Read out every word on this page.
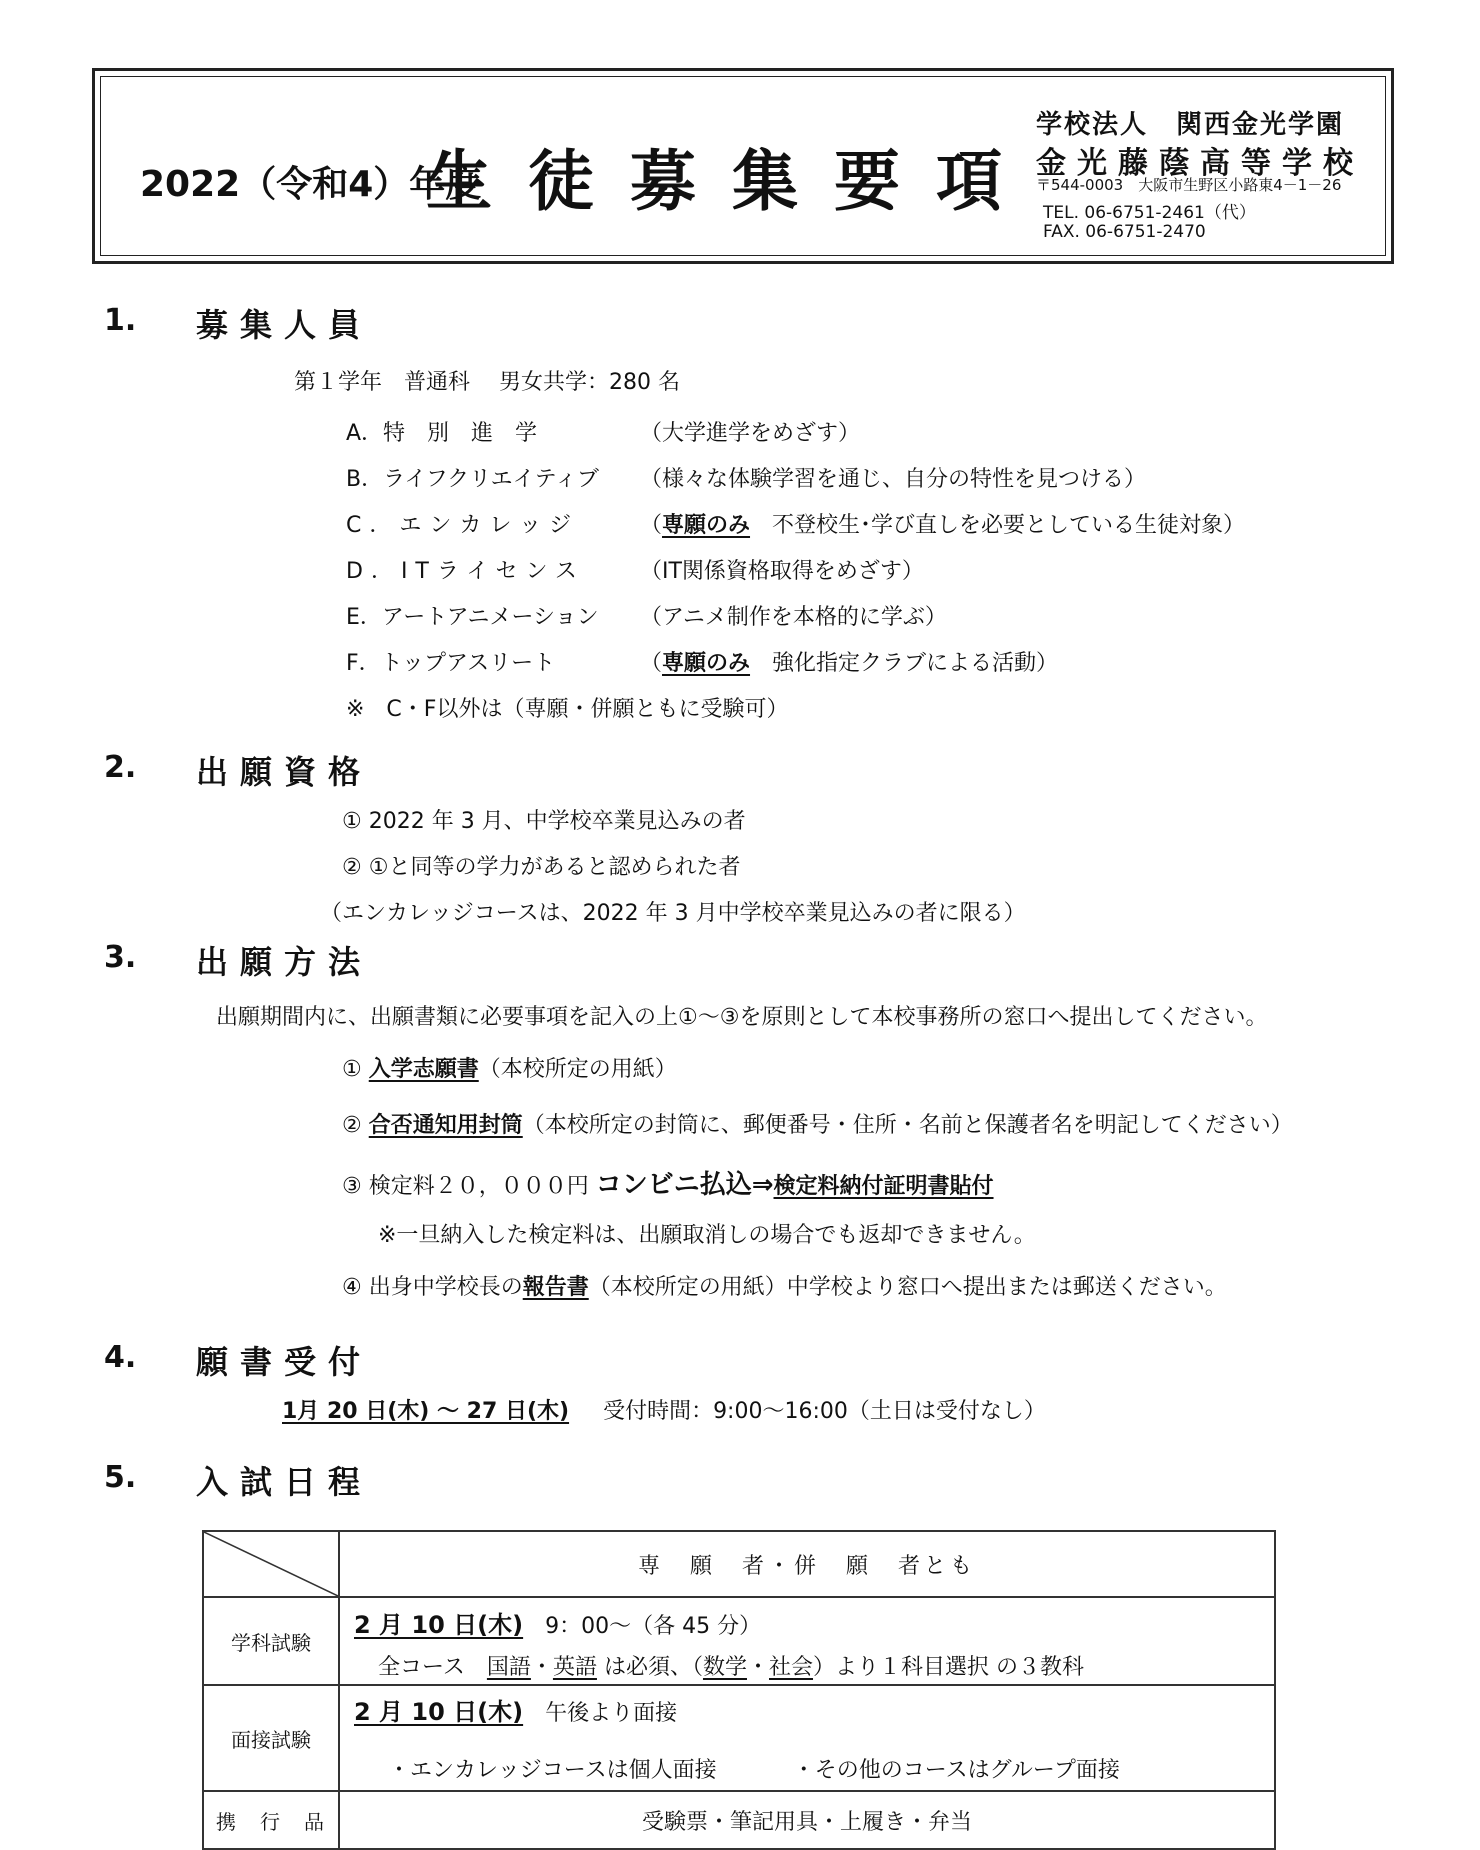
2022（令和4）年度
生徒募集要項
学校法人　関西金光学園
金光藤蔭高等学校
〒544-0003　大阪市生野区小路東4－1－26
TEL. 06-6751-2461（代）
FAX. 06-6751-2470
1. 募集人員
第１学年　普通科　 男女共学：280 名
A．特　別　進　学	（大学進学をめざす）
B．ライフクリエイティブ （様々な体験学習を通じ、自分の特性を見つける）
C．エンカレッジ	（専願のみ　不登校生･学び直しを必要としている生徒対象）
D．ITライセンス	（IT関係資格取得をめざす）
E．アートアニメーション （アニメ制作を本格的に学ぶ）
F．トップアスリート	（専願のみ　強化指定クラブによる活動）
※　C・F以外は（専願・併願ともに受験可）
2. 出願資格
① 2022 年 3 月、中学校卒業見込みの者
② ①と同等の学力があると認められた者
（エンカレッジコースは、2022 年 3 月中学校卒業見込みの者に限る）
3. 出願方法
出願期間内に、出願書類に必要事項を記入の上①～③を原則として本校事務所の窓口へ提出してください。
① 入学志願書（本校所定の用紙）
② 合否通知用封筒（本校所定の封筒に、郵便番号・住所・名前と保護者名を明記してください）
③ 検定料２０，０００円 コンビニ払込⇒検定料納付証明書貼付
※一旦納入した検定料は、出願取消しの場合でも返却できません。
④ 出身中学校長の報告書（本校所定の用紙）中学校より窓口へ提出または郵送ください。
4. 願書受付
1月 20 日(木) ～ 27 日(木) 受付時間：9:00～16:00（土日は受付なし）
5. 入試日程
	専　願　者・併　願　者とも
学科試験	2 月 10 日(木)　 9：00～（各 45 分）
全コース　国語・英語 は必須、（数学・社会）より１科目選択 の３教科

面接試験	2 月 10 日(木)　 午後より面接
・エンカレッジコースは個人面接 ・その他のコースはグループ面接

携　行　品	受験票・筆記用具・上履き・弁当
